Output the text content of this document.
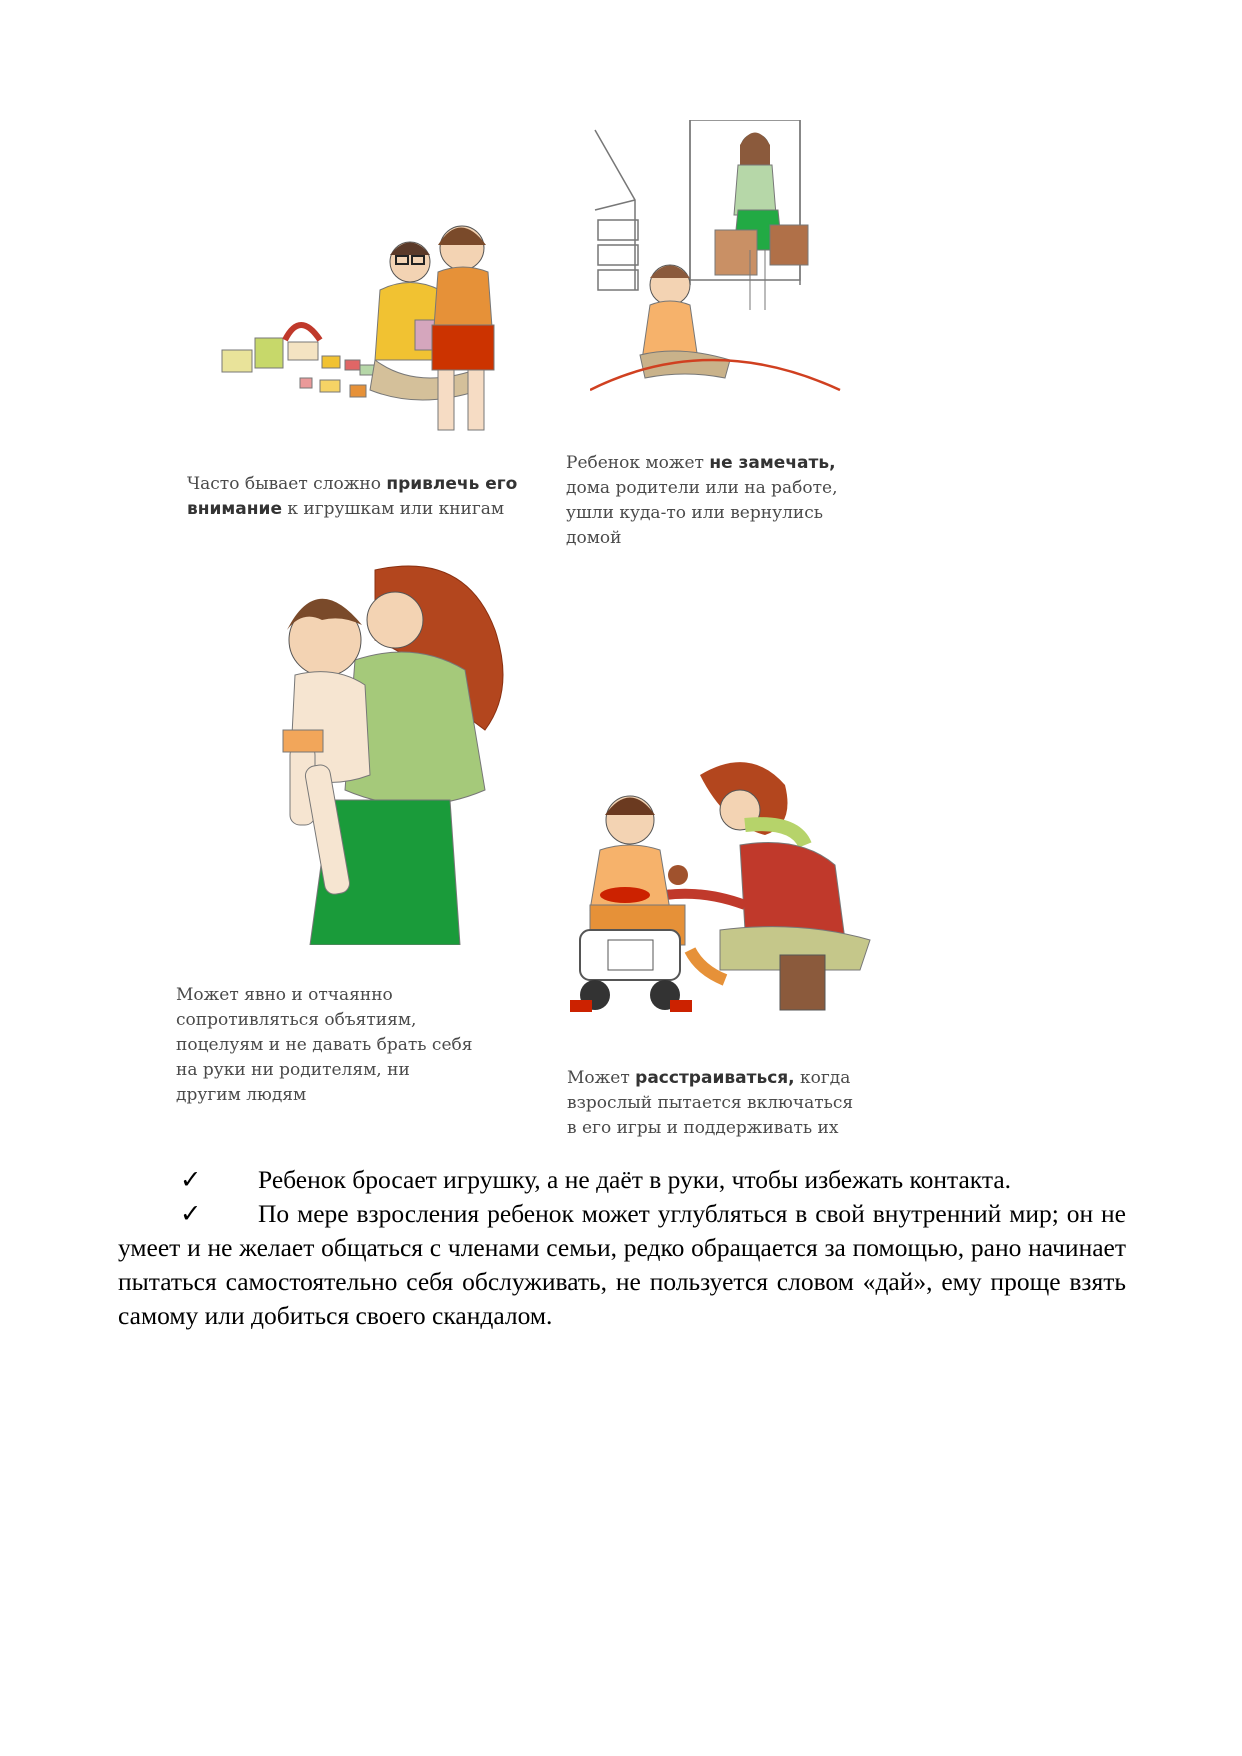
Часто бывает сложно привлечь его внимание к игрушкам или книгам
Ребенок может не замечать, дома родители или на работе, ушли куда-то или вернулись домой
Может явно и отчаянно сопротивляться объятиям, поцелуям и не давать брать себя на руки ни родителям, ни другим людям
Может расстраиваться, когда взрослый пытается включаться в его игры и поддерживать их

✓ Ребенок бросает игрушку, а не даёт в руки, чтобы избежать контакта.

✓ По мере взросления ребенок может углубляться в свой внутренний мир; он не умеет и не желает общаться с членами семьи, редко обращается за помощью, рано начинает пытаться самостоятельно себя обслуживать, не пользуется словом «дай», ему проще взять самому или добиться своего скандалом.
